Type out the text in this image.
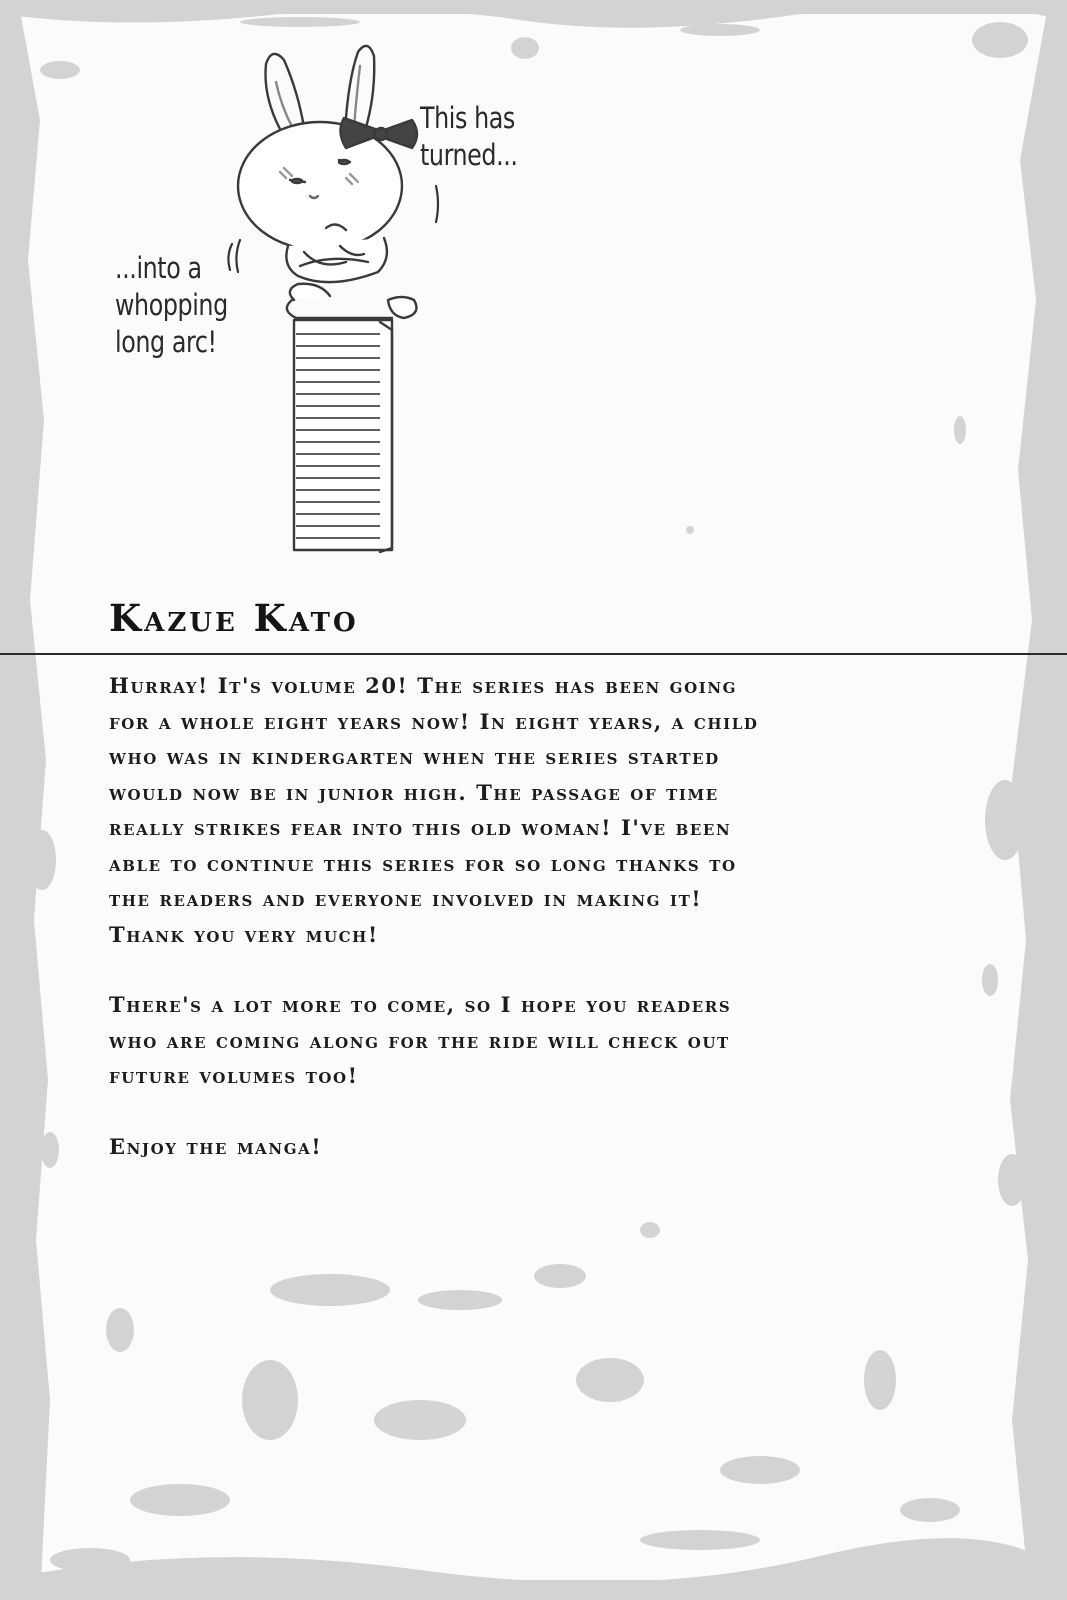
This has
turned...
...into a
whopping
long arc!
Kazue Kato

Hurray! It's volume 20! The series has been going for a whole eight years now! In eight years, a child who was in kindergarten when the series started would now be in junior high. The passage of time really strikes fear into this old woman! I've been able to continue this series for so long thanks to the readers and everyone involved in making it! Thank you very much!

There's a lot more to come, so I hope you readers who are coming along for the ride will check out future volumes too!

Enjoy the manga!
